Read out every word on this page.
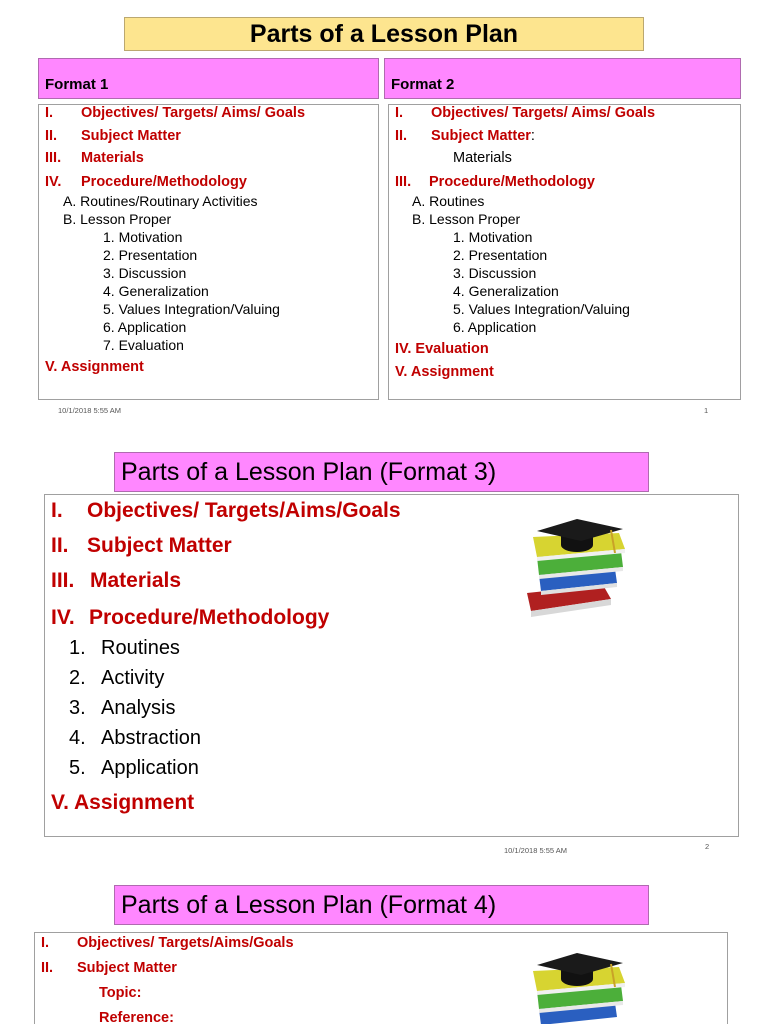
Parts of a Lesson Plan
Format 1
I. Objectives/ Targets/ Aims/ Goals
II. Subject Matter
III. Materials
IV. Procedure/Methodology
A. Routines/Routinary Activities
B. Lesson Proper
1. Motivation
2. Presentation
3. Discussion
4. Generalization
5. Values Integration/Valuing
6. Application
7. Evaluation
V. Assignment
Format 2
I. Objectives/ Targets/ Aims/ Goals
II. Subject Matter:
Materials
III. Procedure/Methodology
A. Routines
B. Lesson Proper
1. Motivation
2. Presentation
3. Discussion
4. Generalization
5. Values Integration/Valuing
6. Application
IV. Evaluation
V. Assignment
10/1/2018 5:55 AM	1
Parts of a Lesson Plan (Format 3)
I. Objectives/ Targets/Aims/Goals
II. Subject Matter
III. Materials
IV. Procedure/Methodology
1. Routines
2. Activity
3. Analysis
4. Abstraction
5. Application
V. Assignment
10/1/2018 5:55 AM	2
Parts of a Lesson Plan (Format 4)
I. Objectives/ Targets/Aims/Goals
II. Subject Matter
Topic:
Reference:
